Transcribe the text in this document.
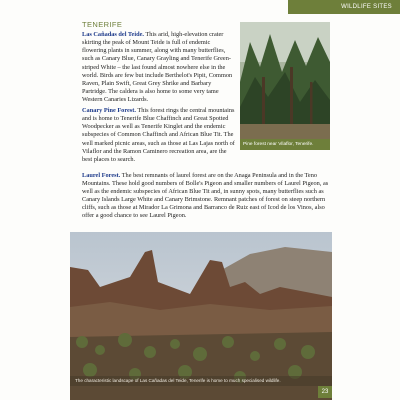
WILDLIFE SITES
TENERIFE

Las Cañadas del Teide. This arid, high-elevation crater skirting the peak of Mount Teide is full of endemic flowering plants in summer, along with many butterflies, such as Canary Blue, Canary Grayling and Tenerife Green-striped White – the last found almost nowhere else in the world. Birds are few but include Berthelot's Pipit, Common Raven, Plain Swift, Great Grey Shrike and Barbary Partridge. The caldera is also home to some very tame Western Canaries Lizards.

Canary Pine Forest. This forest rings the central mountains and is home to Tenerife Blue Chaffinch and Great Spotted Woodpecker as well as Tenerife Kinglet and the endemic subspecies of Common Chaffinch and African Blue Tit. The well marked picnic areas, such as those at Las Lajas north of Vilaflor and the Ramon Caminero recreation area, are the best places to search.

Laurel Forest. The best remnants of laurel forest are on the Anaga Peninsula and in the Teno Mountains. These hold good numbers of Bolle's Pigeon and smaller numbers of Laurel Pigeon, as well as the endemic subspecies of African Blue Tit and, in sunny spots, many butterflies such as Canary Islands Large White and Canary Brimstone. Remnant patches of forest on steep northern cliffs, such as those at Mirador La Grimona and Barranco de Ruiz east of Icod de los Vinos, also offer a good chance to see Laurel Pigeon.

Pine forest near Vilaflor, Tenerife.
The characteristic landscape of Las Cañadas del Teide, Tenerife is home to much specialised wildlife.
23
